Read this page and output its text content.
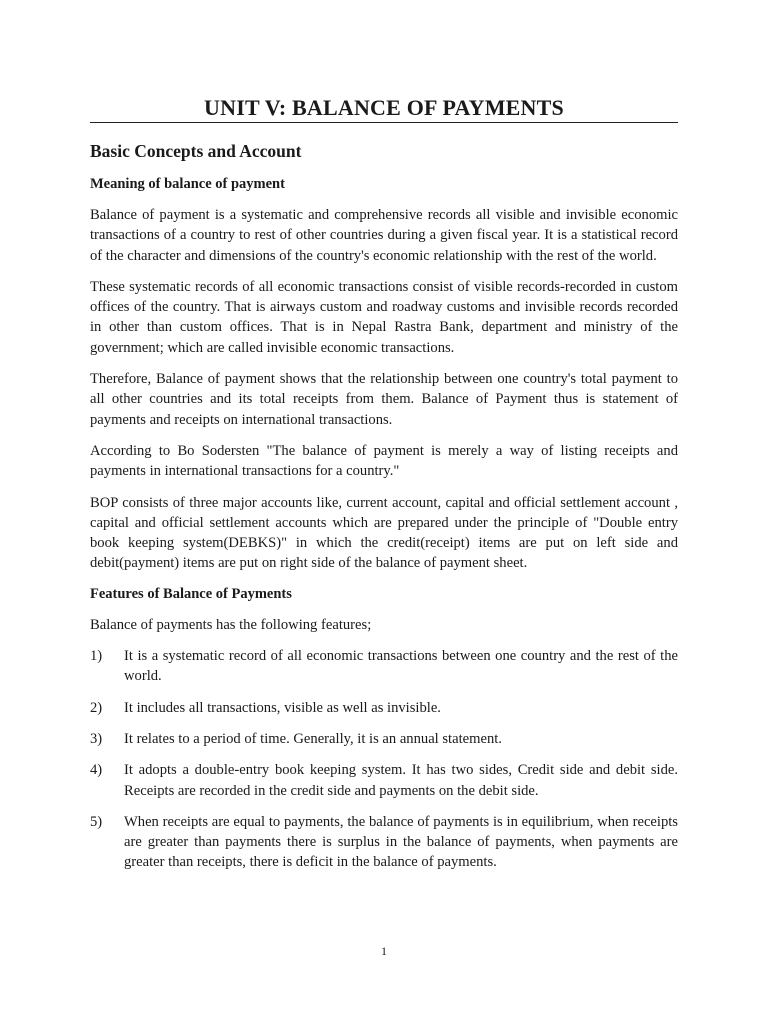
UNIT V: BALANCE OF PAYMENTS
Basic Concepts and Account
Meaning of balance of payment

Balance of payment is a systematic and comprehensive records all visible and invisible economic transactions of a country to rest of other countries during a given fiscal year. It is a statistical record of the character and dimensions of the country's economic relationship with the rest of the world.

These systematic records of all economic transactions consist of visible records-recorded in custom offices of the country. That is airways custom and roadway customs and invisible records recorded in other than custom offices. That is in Nepal Rastra Bank, department and ministry of the government; which are called invisible economic transactions.

Therefore, Balance of payment shows that the relationship between one country's total payment to all other countries and its total receipts from them. Balance of Payment thus is statement of payments and receipts on international transactions.

According to Bo Sodersten "The balance of payment is merely a way of listing receipts and payments in international transactions for a country."

BOP consists of three major accounts like, current account, capital and official settlement account , capital and official settlement accounts which are prepared under the principle of "Double entry book keeping system(DEBKS)" in which the credit(receipt) items are put on left side and debit(payment) items are put on right side of the balance of payment sheet.

Features of Balance of Payments

Balance of payments has the following features;

1)	It is a systematic record of all economic transactions between one country and the rest of the world.
2)	It includes all transactions, visible as well as invisible.
3)	It relates to a period of time. Generally, it is an annual statement.
4)	It adopts a double-entry book keeping system. It has two sides, Credit side and debit side. Receipts are recorded in the credit side and payments on the debit side.
5)	When receipts are equal to payments, the balance of payments is in equilibrium, when receipts are greater than payments there is surplus in the balance of payments, when payments are greater than receipts, there is deficit in the balance of payments.
1
